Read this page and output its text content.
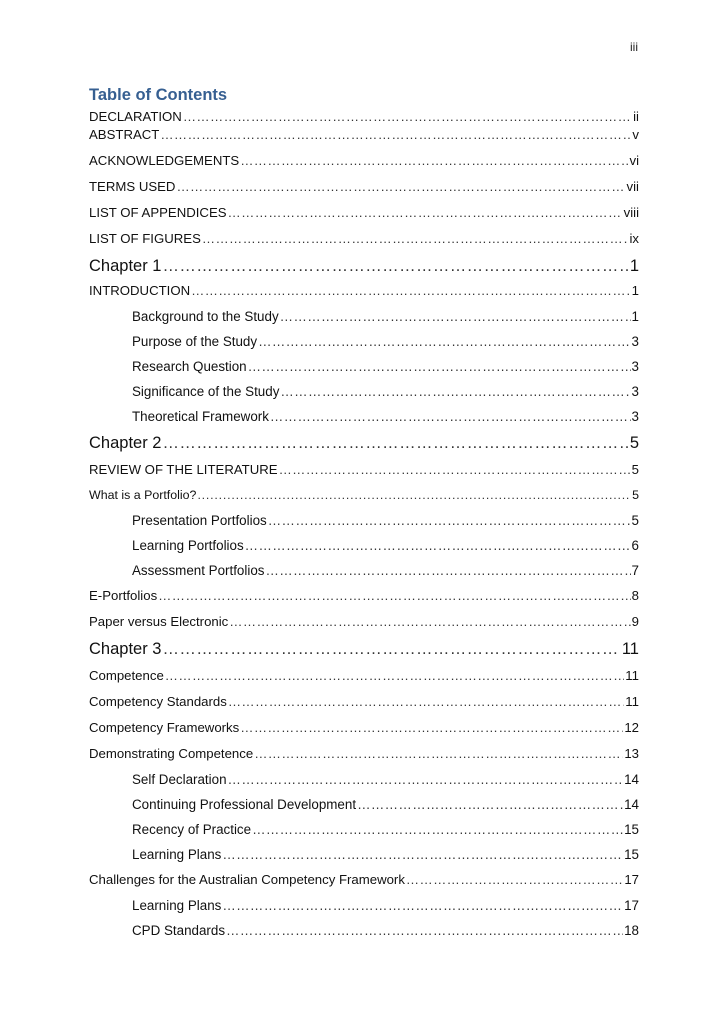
iii
Table of Contents
DECLARATION …………………………………………………………………………………………………………………………………………………………………………	ii
ABSTRACT …………………………………………………………………………………………………………………………………………………………………………	v
ACKNOWLEDGEMENTS …………………………………………………………………………………………………………………………………………………………………………	vi
TERMS USED …………………………………………………………………………………………………………………………………………………………………………	vii
LIST OF APPENDICES …………………………………………………………………………………………………………………………………………………………………………	viii
LIST OF FIGURES …………………………………………………………………………………………………………………………………………………………………………	ix
Chapter 1 …………………………………………………………………………………………………………………………………………………………………………	1
INTRODUCTION …………………………………………………………………………………………………………………………………………………………………………	1
Background to the Study …………………………………………………………………………………………………………………………………………………………………………	1
Purpose of the Study …………………………………………………………………………………………………………………………………………………………………………	3
Research Question …………………………………………………………………………………………………………………………………………………………………………	3
Significance of the Study …………………………………………………………………………………………………………………………………………………………………………	3
Theoretical Framework …………………………………………………………………………………………………………………………………………………………………………	3
Chapter 2 …………………………………………………………………………………………………………………………………………………………………………	5
REVIEW OF THE LITERATURE …………………………………………………………………………………………………………………………………………………………………………	5
What is a Portfolio? .....	5
Presentation Portfolios …………………………………………………………………………………………………………………………………………………………………………	5
Learning Portfolios …………………………………………………………………………………………………………………………………………………………………………	6
Assessment Portfolios …………………………………………………………………………………………………………………………………………………………………………	7
E-Portfolios …………………………………………………………………………………………………………………………………………………………………………	8
Paper versus Electronic …………………………………………………………………………………………………………………………………………………………………………	9
Chapter 3 …………………………………………………………………………………………………………………………………………………………………………	11
Competence …………………………………………………………………………………………………………………………………………………………………………	11
Competency Standards …………………………………………………………………………………………………………………………………………………………………………	11
Competency Frameworks …………………………………………………………………………………………………………………………………………………………………………	12
Demonstrating Competence …………………………………………………………………………………………………………………………………………………………………………	13
Self Declaration …………………………………………………………………………………………………………………………………………………………………………	14
Continuing Professional Development …………………………………………………………………………………………………………………………………………………………………………	14
Recency of Practice …………………………………………………………………………………………………………………………………………………………………………	15
Learning Plans …………………………………………………………………………………………………………………………………………………………………………	15
Challenges for the Australian Competency Framework …………………………………………………………………………………………………………………………………………………………………………	17
Learning Plans …………………………………………………………………………………………………………………………………………………………………………	17
CPD Standards …………………………………………………………………………………………………………………………………………………………………………	18
